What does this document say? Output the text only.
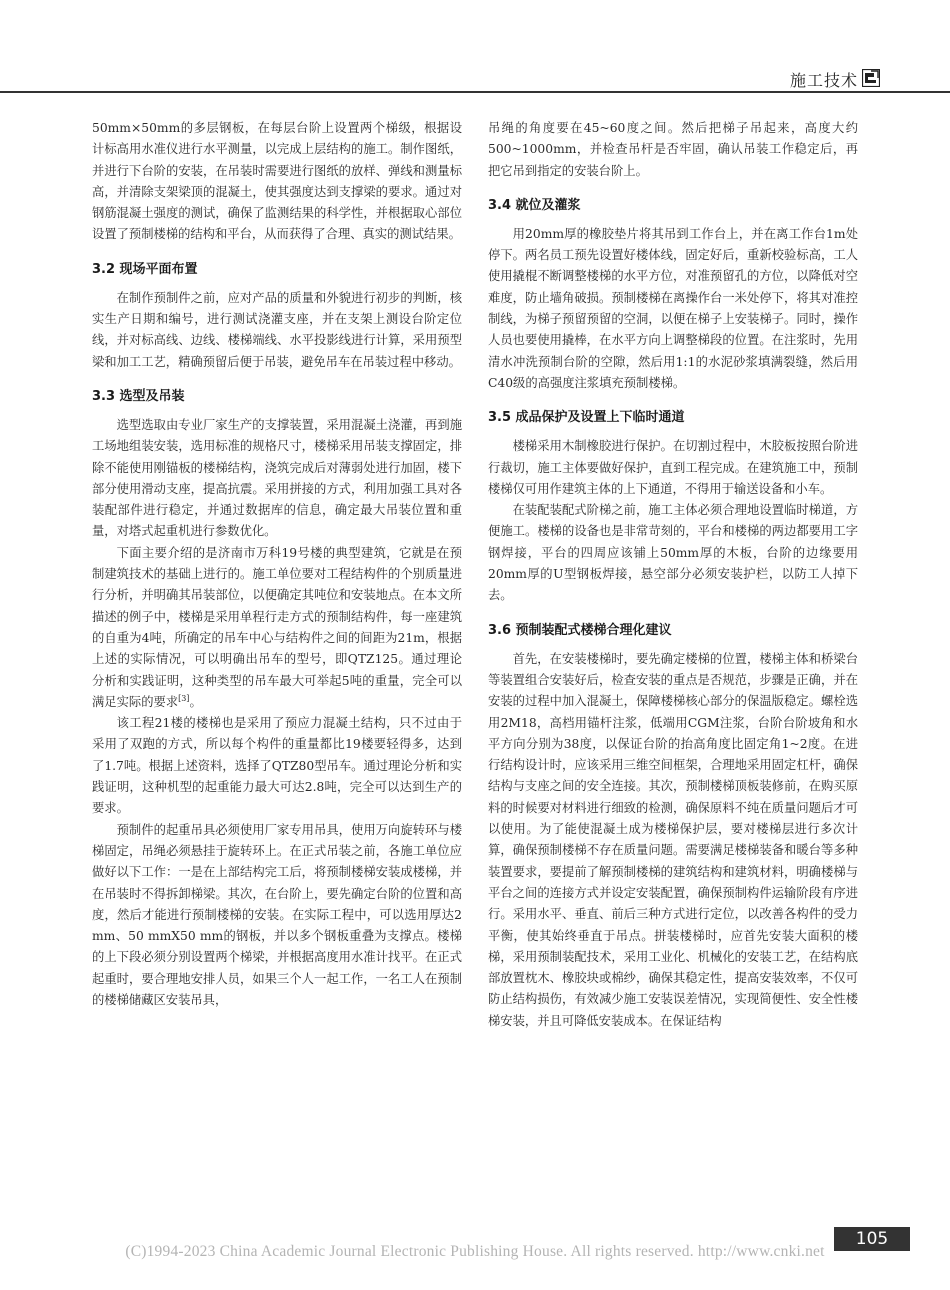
施工技术

50mm×50mm的多层钢板，在每层台阶上设置两个梯级，根据设计标高用水准仪进行水平测量，以完成上层结构的施工。制作图纸，并进行下台阶的安装，在吊装时需要进行图纸的放样、弹线和测量标高，并清除支架梁顶的混凝土，使其强度达到支撑梁的要求。通过对钢筋混凝土强度的测试，确保了监测结果的科学性，并根据取心部位设置了预制楼梯的结构和平台，从而获得了合理、真实的测试结果。

3.2 现场平面布置

在制作预制件之前，应对产品的质量和外貌进行初步的判断，核实生产日期和编号，进行测试浇灌支座，并在支架上测设台阶定位线，并对标高线、边线、楼梯端线、水平投影线进行计算，采用预型梁和加工工艺，精确预留后便于吊装，避免吊车在吊装过程中移动。

3.3 选型及吊装

选型选取由专业厂家生产的支撑装置，采用混凝土浇灌，再到施工场地组装安装，选用标准的规格尺寸，楼梯采用吊装支撑固定，排除不能使用刚锚板的楼梯结构，浇筑完成后对薄弱处进行加固，楼下部分使用滑动支座，提高抗震。采用拼接的方式，利用加强工具对各装配部件进行稳定，并通过数据库的信息，确定最大吊装位置和重量，对塔式起重机进行参数优化。

下面主要介绍的是济南市万科19号楼的典型建筑，它就是在预制建筑技术的基础上进行的。施工单位要对工程结构件的个别质量进行分析，并明确其吊装部位，以便确定其吨位和安装地点。在本文所描述的例子中，楼梯是采用单程行走方式的预制结构件，每一座建筑的自重为4吨，所确定的吊车中心与结构件之间的间距为21m，根据上述的实际情况，可以明确出吊车的型号，即QTZ125。通过理论分析和实践证明，这种类型的吊车最大可举起5吨的重量，完全可以满足实际的要求[3]。

该工程21楼的楼梯也是采用了预应力混凝土结构，只不过由于采用了双跑的方式，所以每个构件的重量都比19楼要轻得多，达到了1.7吨。根据上述资料，选择了QTZ80型吊车。通过理论分析和实践证明，这种机型的起重能力最大可达2.8吨，完全可以达到生产的要求。

预制件的起重吊具必须使用厂家专用吊具，使用万向旋转环与楼梯固定，吊绳必须悬挂于旋转环上。在正式吊装之前，各施工单位应做好以下工作：一是在上部结构完工后，将预制楼梯安装成楼梯，并在吊装时不得拆卸梯梁。其次，在台阶上，要先确定台阶的位置和高度，然后才能进行预制楼梯的安装。在实际工程中，可以选用厚达2 mm、50 mmX50 mm的钢板，并以多个钢板重叠为支撑点。楼梯的上下段必须分别设置两个梯梁，并根据高度用水准计找平。在正式起重时，要合理地安排人员，如果三个人一起工作，一名工人在预制的楼梯储藏区安装吊具，

吊绳的角度要在45~60度之间。然后把梯子吊起来，高度大约500~1000mm，并检查吊杆是否牢固，确认吊装工作稳定后，再把它吊到指定的安装台阶上。

3.4 就位及灌浆

用20mm厚的橡胶垫片将其吊到工作台上，并在离工作台1m处停下。两名员工预先设置好楼体线，固定好后，重新校验标高，工人使用撬棍不断调整楼梯的水平方位，对准预留孔的方位，以降低对空难度，防止墙角破损。预制楼梯在离操作台一米处停下，将其对准控制线，为梯子预留预留的空洞，以便在梯子上安装梯子。同时，操作人员也要使用撬棒，在水平方向上调整梯段的位置。在注浆时，先用清水冲洗预制台阶的空隙，然后用1:1的水泥砂浆填满裂缝，然后用C40级的高强度注浆填充预制楼梯。

3.5 成品保护及设置上下临时通道

楼梯采用木制橡胶进行保护。在切割过程中，木胶板按照台阶进行裁切，施工主体要做好保护，直到工程完成。在建筑施工中，预制楼梯仅可用作建筑主体的上下通道，不得用于输送设备和小车。

在装配装配式阶梯之前，施工主体必须合理地设置临时梯道，方便施工。楼梯的设备也是非常苛刻的，平台和楼梯的两边都要用工字钢焊接，平台的四周应该铺上50mm厚的木板，台阶的边缘要用20mm厚的U型钢板焊接，悬空部分必须安装护栏，以防工人掉下去。

3.6 预制装配式楼梯合理化建议

首先，在安装楼梯时，要先确定楼梯的位置，楼梯主体和桥梁台等装置组合安装好后，检查安装的重点是否规范，步骤是正确，并在安装的过程中加入混凝土，保障楼梯核心部分的保温版稳定。螺栓选用2M18，高档用锚杆注浆，低端用CGM注浆，台阶台阶坡角和水平方向分别为38度，以保证台阶的抬高角度比固定角1~2度。在进行结构设计时，应该采用三维空间框架，合理地采用固定杠杆，确保结构与支座之间的安全连接。其次，预制楼梯顶板装修前，在购买原料的时候要对材料进行细致的检测，确保原料不纯在质量问题后才可以使用。为了能使混凝土成为楼梯保护层，要对楼梯层进行多次计算，确保预制楼梯不存在质量问题。需要满足楼梯装备和暖台等多种装置要求，要提前了解预制楼梯的建筑结构和建筑材料，明确楼梯与平台之间的连接方式并设定安装配置，确保预制构件运输阶段有序进行。采用水平、垂直、前后三种方式进行定位，以改善各构件的受力平衡，使其始终垂直于吊点。拼装楼梯时，应首先安装大面积的楼梯，采用预制装配技术，采用工业化、机械化的安装工艺，在结构底部放置枕木、橡胶块或棉纱，确保其稳定性，提高安装效率，不仅可防止结构损伤，有效减少施工安装误差情况，实现简便性、安全性楼梯安装，并且可降低安装成本。在保证结构

105
(C)1994-2023 China Academic Journal Electronic Publishing House. All rights reserved. http://www.cnki.net
